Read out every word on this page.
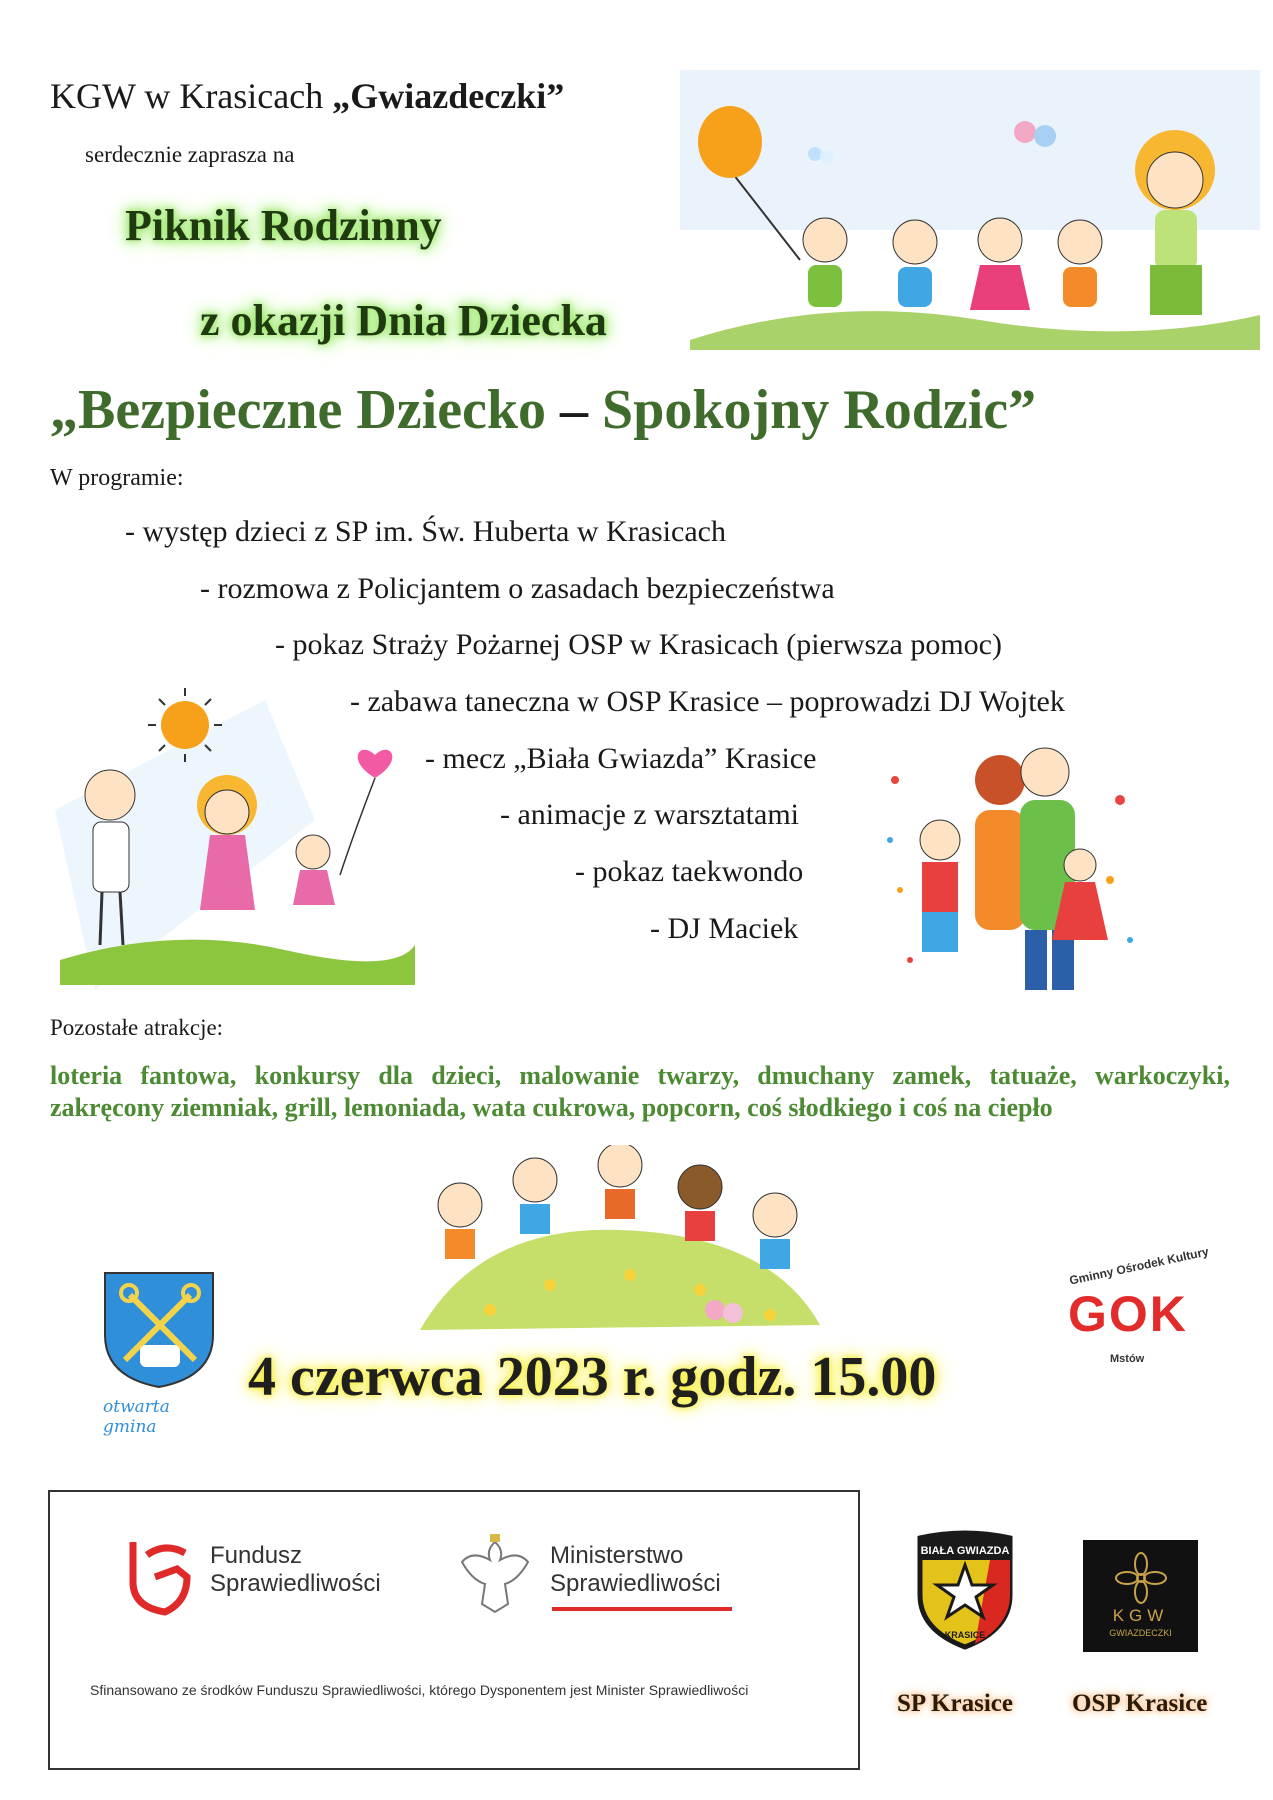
KGW w Krasicach „Gwiazdeczki”
serdecznie zaprasza na
Piknik Rodzinny
z okazji Dnia Dziecka
„Bezpieczne Dziecko – Spokojny Rodzic”
W programie:
- występ dzieci z SP im. Św. Huberta w Krasicach
- rozmowa z Policjantem o zasadach bezpieczeństwa
- pokaz Straży Pożarnej OSP w Krasicach (pierwsza pomoc)
- zabawa taneczna w OSP Krasice – poprowadzi DJ Wojtek
- mecz „Biała Gwiazda” Krasice
- animacje z warsztatami
- pokaz taekwondo
- DJ Maciek
Pozostałe atrakcje:
loteria fantowa, konkursy dla dzieci, malowanie twarzy, dmuchany zamek, tatuaże, warkoczyki, zakręcony ziemniak, grill, lemoniada, wata cukrowa, popcorn, coś słodkiego i coś na ciepło
otwarta gmina
4 czerwca 2023 r. godz. 15.00
Gminny Ośrodek Kultury
GOK
Mstów
Fundusz
Sprawiedliwości
Ministerstwo
Sprawiedliwości
Sfinansowano ze środków Funduszu Sprawiedliwości, którego Dysponentem jest Minister Sprawiedliwości
BIAŁA GWIAZDA
KRASICE
KGW
GWIAZDECZKI
SP Krasice OSP Krasice
